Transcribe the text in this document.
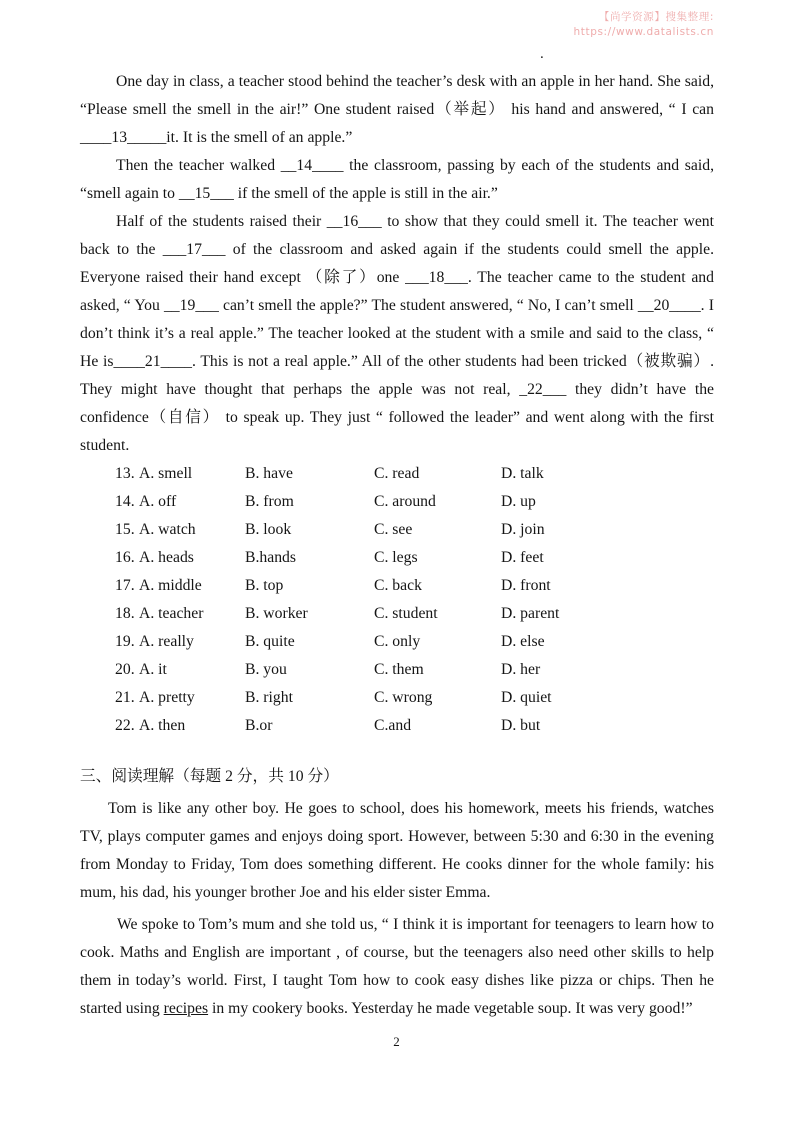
【尚学资源】搜集整理:
https://www.datalists.cn
.

One day in class, a teacher stood behind the teacher’s desk with an apple in her hand. She said, “Please smell the smell in the air!” One student raised（举起） his hand and answered, “ I can ____13_____it. It is the smell of an apple.”

Then the teacher walked __14____ the classroom, passing by each of the students and said, “smell again to __15___ if the smell of the apple is still in the air.”

Half of the students raised their __16___ to show that they could smell it. The teacher went back to the ___17___ of the classroom and asked again if the students could smell the apple. Everyone raised their hand except （除了）one ___18___. The teacher came to the student and asked, “ You __19___ can’t smell the apple?” The student answered, “ No, I can’t smell __20____. I don’t think it’s a real apple.” The teacher looked at the student with a smile and said to the class, “ He is____21____. This is not a real apple.” All of the other students had been tricked（被欺骗）. They might have thought that perhaps the apple was not real, _22___ they didn’t have the confidence（自信） to speak up. They just “ followed the leader” and went along with the first student.

13. A. smell	B. have	C. read	D. talk
14. A. off	B. from	C. around	D. up
15. A. watch	B. look	C. see	D. join
16. A. heads	B.hands	C. legs	D. feet
17. A. middle	B. top	C. back	D. front
18. A. teacher	B. worker	C. student	D. parent
19. A. really	B. quite	C. only	D. else
20. A. it	B. you	C. them	D. her
21. A. pretty	B. right	C. wrong	D. quiet
22. A. then	B.or	C.and	D. but
三、阅读理解（每题 2 分，共 10 分）

Tom is like any other boy. He goes to school, does his homework, meets his friends, watches TV, plays computer games and enjoys doing sport. However, between 5:30 and 6:30 in the evening from Monday to Friday, Tom does something different. He cooks dinner for the whole family: his mum, his dad, his younger brother Joe and his elder sister Emma.

We spoke to Tom’s mum and she told us, “ I think it is important for teenagers to learn how to cook. Maths and English are important , of course, but the teenagers also need other skills to help them in today’s world. First, I taught Tom how to cook easy dishes like pizza or chips. Then he started using recipes in my cookery books. Yesterday he made vegetable soup. It was very good!”

2
